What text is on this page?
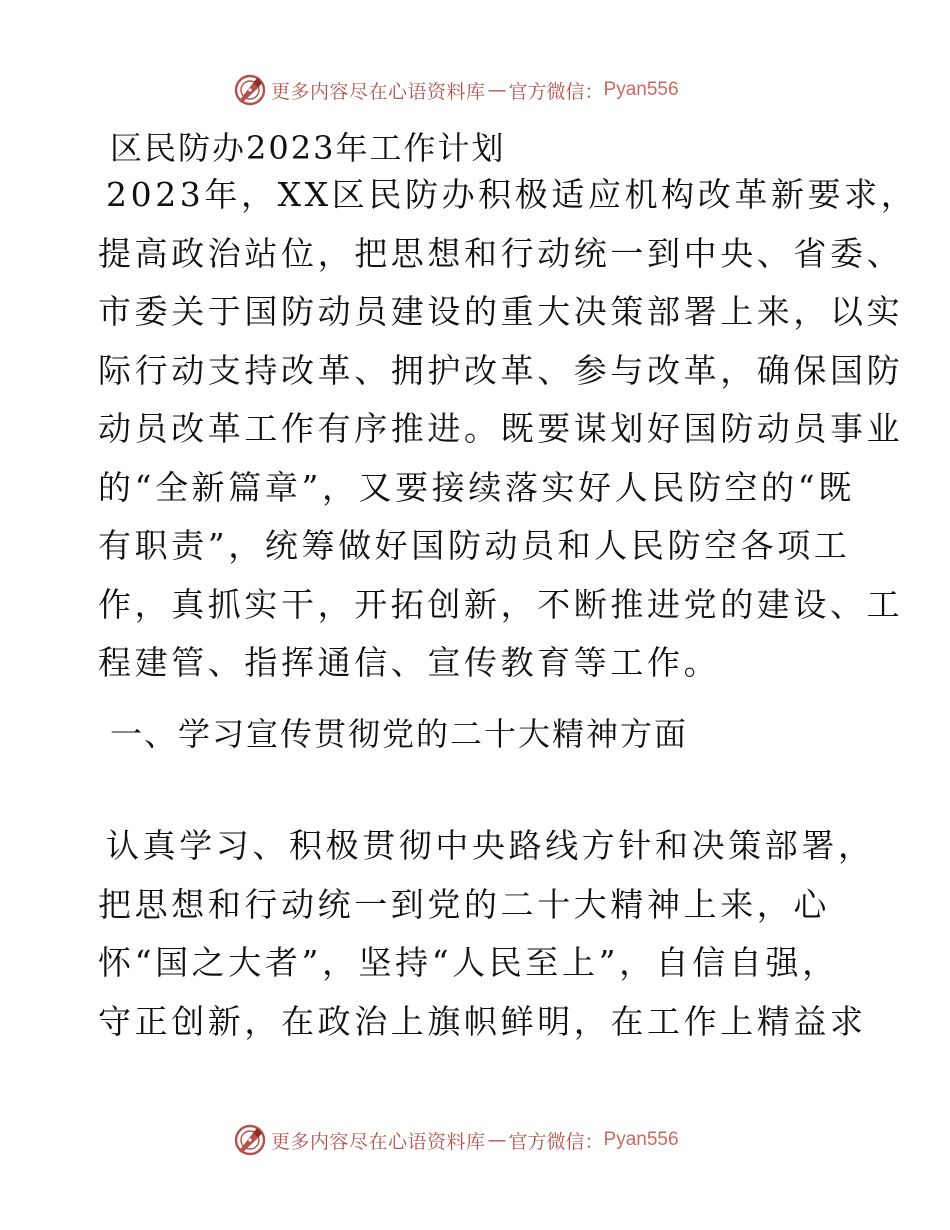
更多内容尽在心语资料库 — 官方微信： Pyan556
区民防办2023年工作计划
2023年，XX区民防办积极适应机构改革新要求，
提高政治站位，把思想和行动统一到中央、省委、
市委关于国防动员建设的重大决策部署上来，以实
际行动支持改革、拥护改革、参与改革，确保国防
动员改革工作有序推进。既要谋划好国防动员事业
的“全新篇章”，又要接续落实好人民防空的“既
有职责”，统筹做好国防动员和人民防空各项工
作，真抓实干，开拓创新，不断推进党的建设、工
程建管、指挥通信、宣传教育等工作。
一、学习宣传贯彻党的二十大精神方面
认真学习、积极贯彻中央路线方针和决策部署，
把思想和行动统一到党的二十大精神上来，心
怀“国之大者”，坚持“人民至上”，自信自强，
守正创新，在政治上旗帜鲜明，在工作上精益求
更多内容尽在心语资料库 — 官方微信： Pyan556
